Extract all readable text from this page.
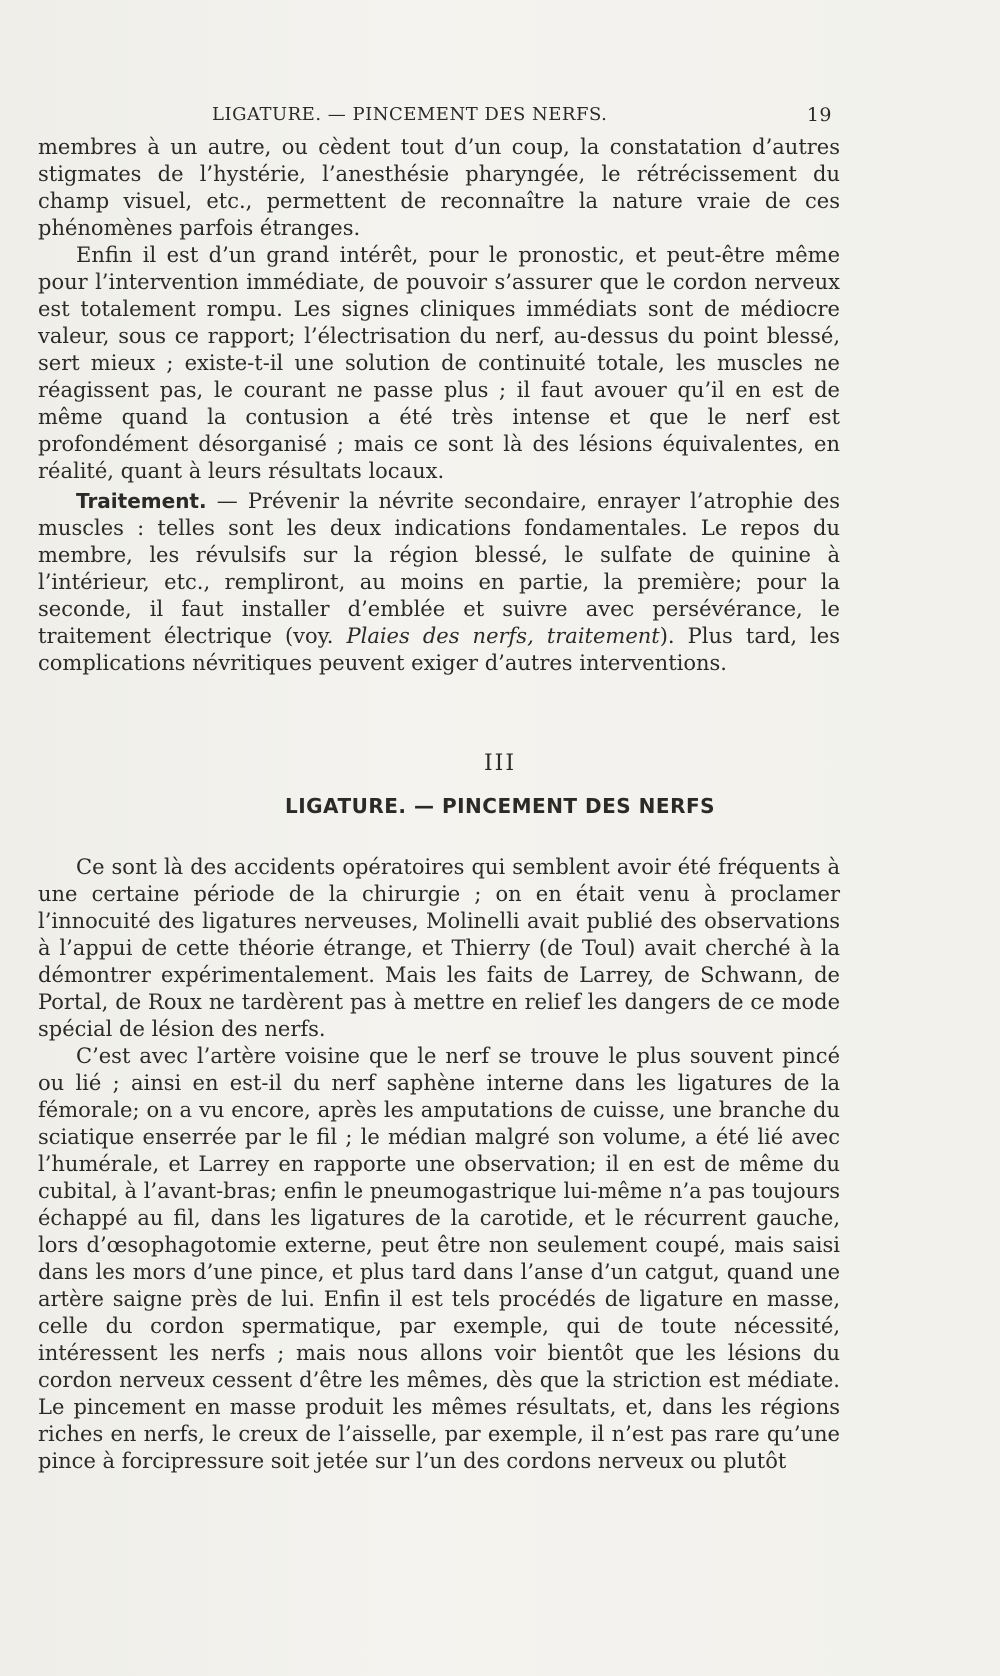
LIGATURE. — PINCEMENT DES NERFS.	19

membres à un autre, ou cèdent tout d’un coup, la constatation d’autres stigmates de l’hystérie, l’anesthésie pharyngée, le rétrécissement du champ visuel, etc., permettent de reconnaître la nature vraie de ces phénomènes parfois étranges.

Enfin il est d’un grand intérêt, pour le pronostic, et peut-être même pour l’intervention immédiate, de pouvoir s’assurer que le cordon nerveux est totalement rompu. Les signes cliniques immédiats sont de médiocre valeur, sous ce rapport; l’électrisation du nerf, au-dessus du point blessé, sert mieux ; existe-t-il une solution de continuité totale, les muscles ne réagissent pas, le courant ne passe plus ; il faut avouer qu’il en est de même quand la contusion a été très intense et que le nerf est profondément désorganisé ; mais ce sont là des lésions équivalentes, en réalité, quant à leurs résultats locaux.

Traitement. — Prévenir la névrite secondaire, enrayer l’atrophie des muscles : telles sont les deux indications fondamentales. Le repos du membre, les révulsifs sur la région blessé, le sulfate de quinine à l’intérieur, etc., rempliront, au moins en partie, la première; pour la seconde, il faut installer d’emblée et suivre avec persévérance, le traitement électrique (voy. Plaies des nerfs, traitement). Plus tard, les complications névritiques peuvent exiger d’autres interventions.

III
LIGATURE. — PINCEMENT DES NERFS

Ce sont là des accidents opératoires qui semblent avoir été fréquents à une certaine période de la chirurgie ; on en était venu à proclamer l’innocuité des ligatures nerveuses, Molinelli avait publié des observations à l’appui de cette théorie étrange, et Thierry (de Toul) avait cherché à la démontrer expérimentalement. Mais les faits de Larrey, de Schwann, de Portal, de Roux ne tardèrent pas à mettre en relief les dangers de ce mode spécial de lésion des nerfs.

C’est avec l’artère voisine que le nerf se trouve le plus souvent pincé ou lié ; ainsi en est-il du nerf saphène interne dans les ligatures de la fémorale; on a vu encore, après les amputations de cuisse, une branche du sciatique enserrée par le fil ; le médian malgré son volume, a été lié avec l’humérale, et Larrey en rapporte une observation; il en est de même du cubital, à l’avant-bras; enfin le pneumogastrique lui-même n’a pas toujours échappé au fil, dans les ligatures de la carotide, et le récurrent gauche, lors d’œsophagotomie externe, peut être non seulement coupé, mais saisi dans les mors d’une pince, et plus tard dans l’anse d’un catgut, quand une artère saigne près de lui. Enfin il est tels procédés de ligature en masse, celle du cordon spermatique, par exemple, qui de toute nécessité, intéressent les nerfs ; mais nous allons voir bientôt que les lésions du cordon nerveux cessent d’être les mêmes, dès que la striction est médiate. Le pincement en masse produit les mêmes résultats, et, dans les régions riches en nerfs, le creux de l’aisselle, par exemple, il n’est pas rare qu’une pince à forcipressure soit jetée sur l’un des cordons nerveux ou plutôt
